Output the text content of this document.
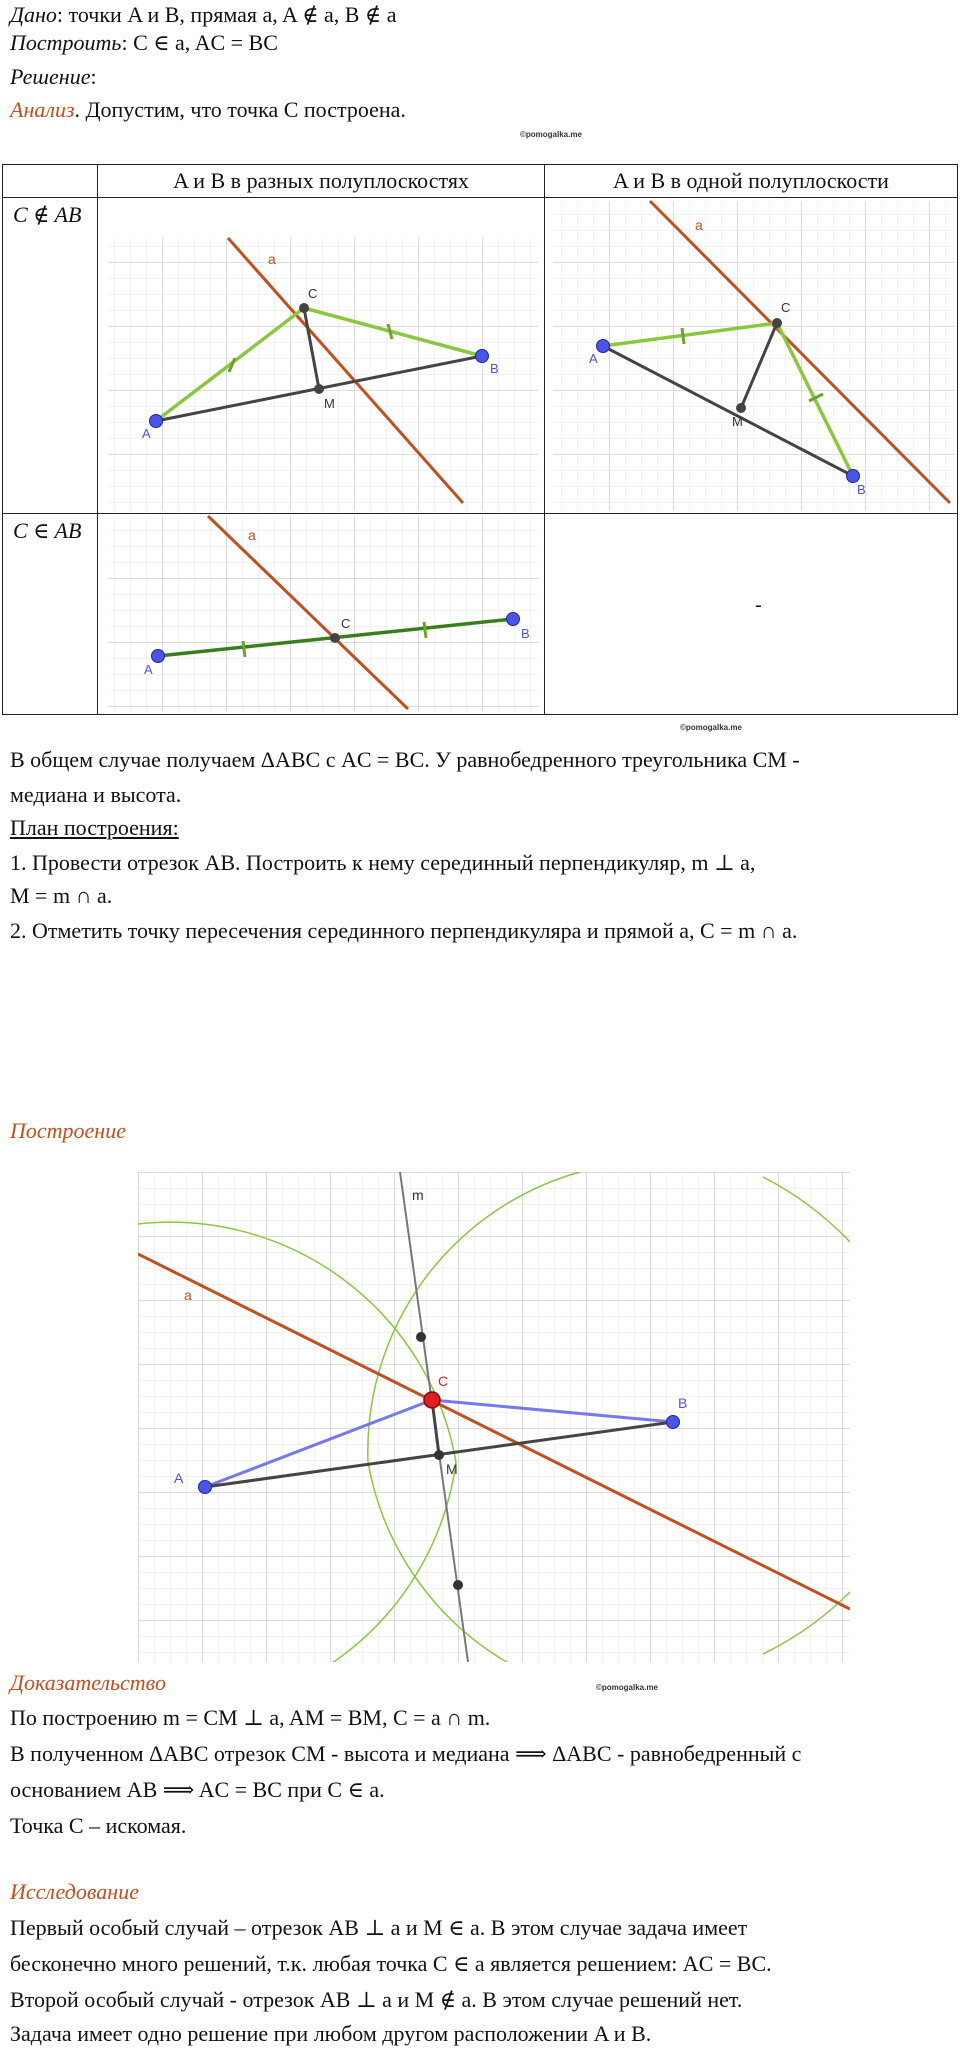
Дано: точки A и B, прямая a, A ∉ a, B ∉ a
Построить: C ∈ a, AC = BC
Решение:
Анализ. Допустим, что точка C построена.
©pomogalka.me
	A и B в разных полуплоскостях	A и B в одной полуплоскости
C ∉ AB	a
A
B
C
M	a
A
B
C
M

C ∈ AB	a
A
B
C	-
©pomogalka.me
В общем случае получаем ΔABC с AC = BC. У равнобедренного треугольника CM -
медиана и высота.
План построения:
1. Провести отрезок AB. Построить к нему серединный перпендикуляр, m ⊥ a,
M = m ∩ a.
2. Отметить точку пересечения серединного перпендикуляра и прямой a, C = m ∩ a.
Построение
m
a
A
B
C
M
Доказательство	©pomogalka.me
По построению m = CM ⊥ a, AM = BM, C = a ∩ m.
В полученном ΔABC отрезок CM - высота и медиана ⟹ ΔABC - равнобедренный с
основанием AB ⟹ AC = BC при C ∈ a.
Точка C – искомая.
Исследование
Первый особый случай – отрезок AB ⊥ a и M ∈ a. В этом случае задача имеет
бесконечно много решений, т.к. любая точка C ∈ a является решением: AC = BC.
Второй особый случай - отрезок AB ⊥ a и M ∉ a. В этом случае решений нет.
Задача имеет одно решение при любом другом расположении A и B.
